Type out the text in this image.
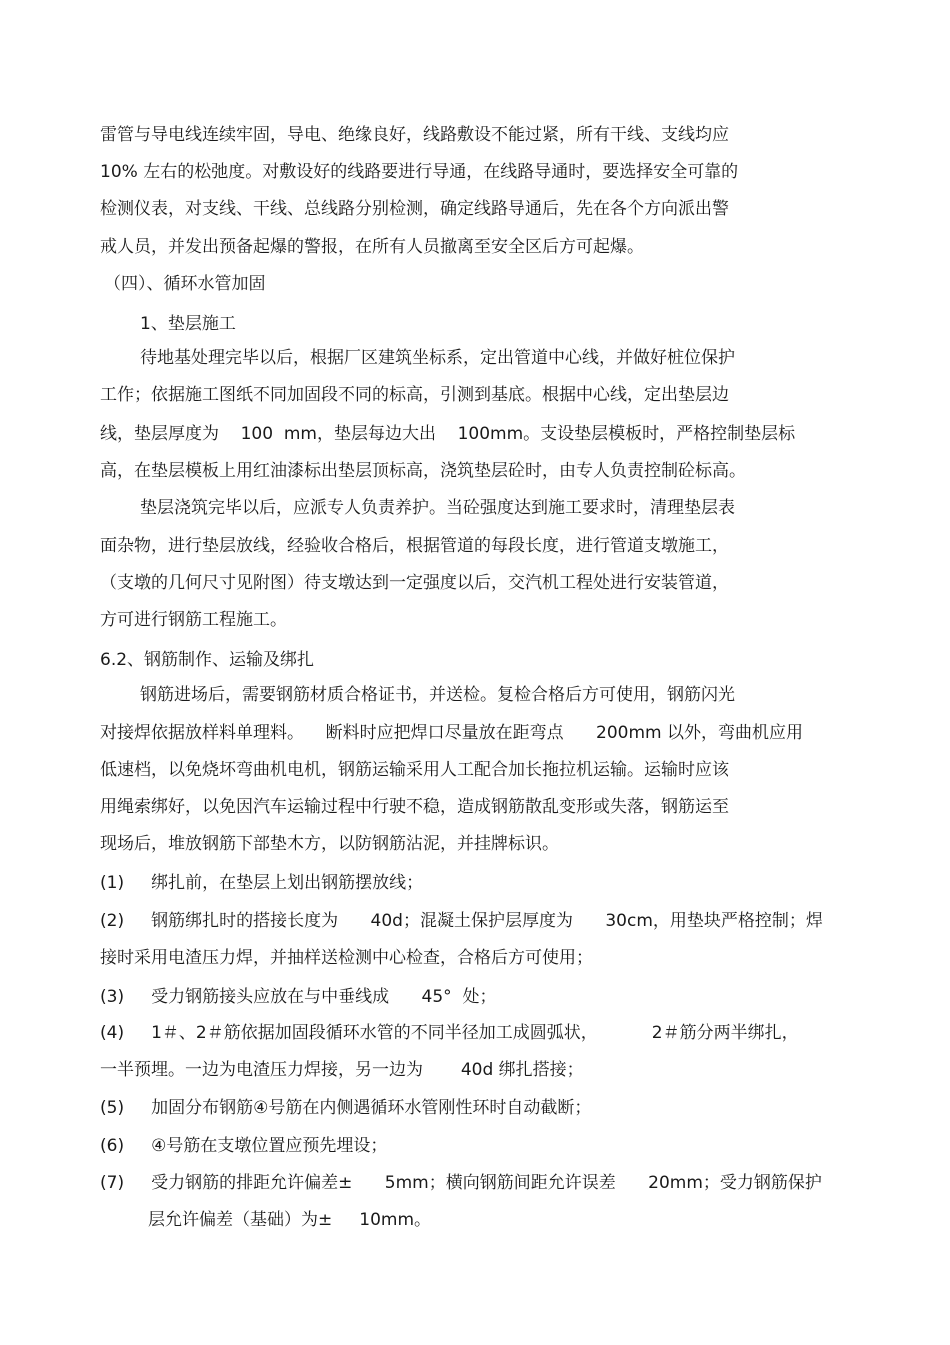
雷管与导电线连续牢固，导电、绝缘良好，线路敷设不能过紧，所有干线、支线均应
10% 左右的松弛度。对敷设好的线路要进行导通，在线路导通时，要选择安全可靠的
检测仪表，对支线、干线、总线路分别检测，确定线路导通后，先在各个方向派出警
戒人员，并发出预备起爆的警报，在所有人员撤离至安全区后方可起爆。
（四）、循环水管加固
1、垫层施工
待地基处理完毕以后，根据厂区建筑坐标系，定出管道中心线，并做好桩位保护
工作；依据施工图纸不同加固段不同的标高，引测到基底。根据中心线，定出垫层边
线，垫层厚度为    100  mm，垫层每边大出    100mm。支设垫层模板时，严格控制垫层标
高，在垫层模板上用红油漆标出垫层顶标高，浇筑垫层砼时，由专人负责控制砼标高。
垫层浇筑完毕以后，应派专人负责养护。当砼强度达到施工要求时，清理垫层表
面杂物，进行垫层放线，经验收合格后，根据管道的每段长度，进行管道支墩施工，
（支墩的几何尺寸见附图）待支墩达到一定强度以后，交汽机工程处进行安装管道，
方可进行钢筋工程施工。
6.2、钢筋制作、运输及绑扎
钢筋进场后，需要钢筋材质合格证书，并送检。复检合格后方可使用，钢筋闪光
对接焊依据放样料单理料。    断料时应把焊口尽量放在距弯点      200mm 以外，弯曲机应用
低速档，以免烧坏弯曲机电机，钢筋运输采用人工配合加长拖拉机运输。运输时应该
用绳索绑好，以免因汽车运输过程中行驶不稳，造成钢筋散乱变形或失落，钢筋运至
现场后，堆放钢筋下部垫木方，以防钢筋沾泥，并挂牌标识。
(1)     绑扎前，在垫层上划出钢筋摆放线；
(2)     钢筋绑扎时的搭接长度为      40d；混凝土保护层厚度为      30cm，用垫块严格控制；焊
接时采用电渣压力焊，并抽样送检测中心检查，合格后方可使用；
(3)     受力钢筋接头应放在与中垂线成      45°  处；
(4)     1＃、2＃筋依据加固段循环水管的不同半径加工成圆弧状，          2＃筋分两半绑扎，
一半预埋。一边为电渣压力焊接，另一边为       40d 绑扎搭接；
(5)     加固分布钢筋④号筋在内侧遇循环水管刚性环时自动截断；
(6)     ④号筋在支墩位置应预先埋设；
(7)     受力钢筋的排距允许偏差±      5mm；横向钢筋间距允许误差      20mm；受力钢筋保护
层允许偏差（基础）为±     10mm。
